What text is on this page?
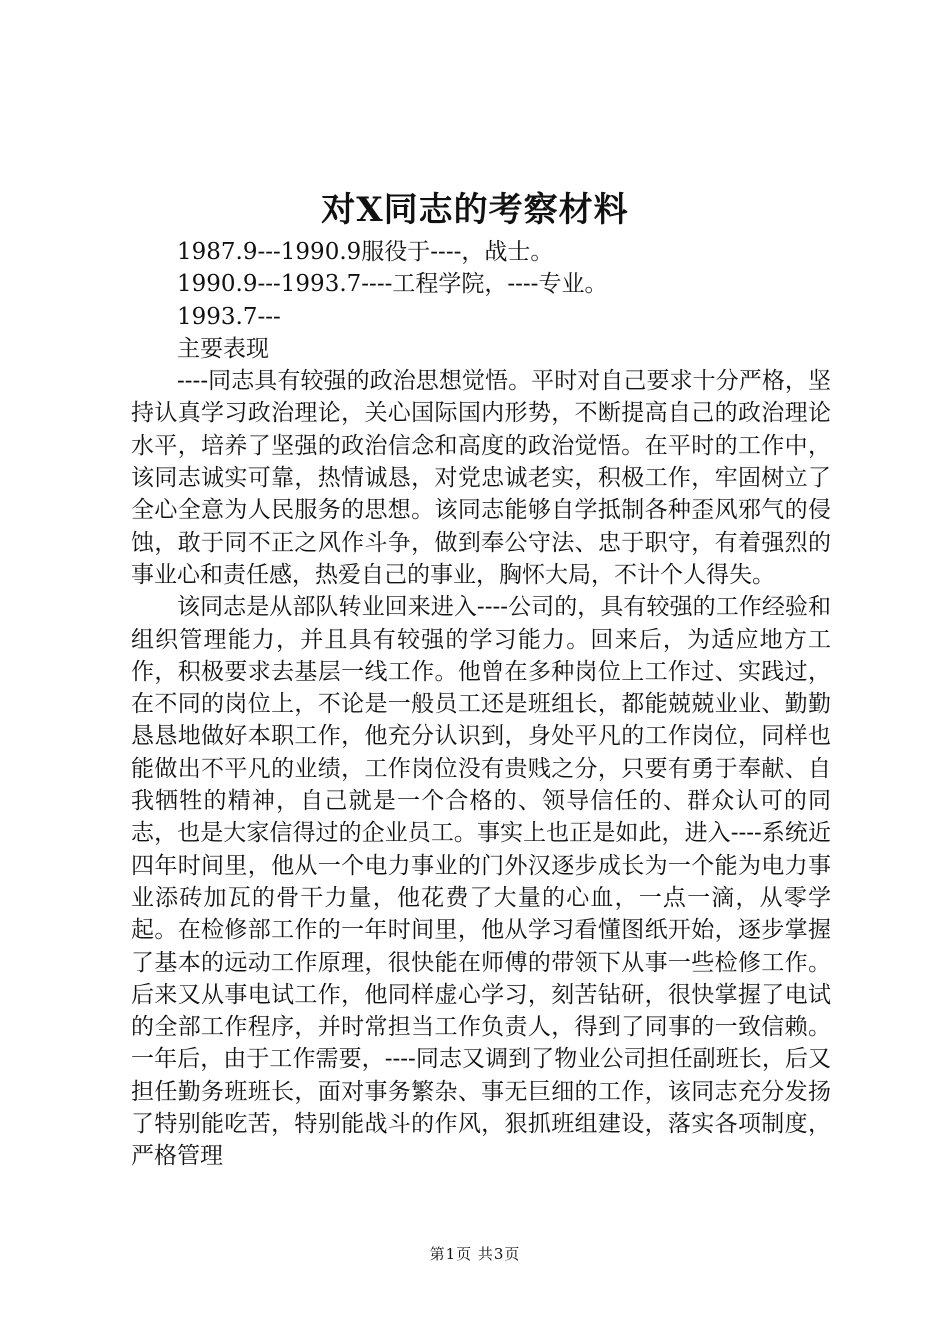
对X同志的考察材料

1987.9---1990.9服役于----，战士。

1990.9---1993.7----工程学院，----专业。

1993.7---

主要表现

----同志具有较强的政治思想觉悟。平时对自己要求十分严格，坚持认真学习政治理论，关心国际国内形势，不断提高自己的政治理论水平，培养了坚强的政治信念和高度的政治觉悟。在平时的工作中，该同志诚实可靠，热情诚恳，对党忠诚老实，积极工作，牢固树立了全心全意为人民服务的思想。该同志能够自学抵制各种歪风邪气的侵蚀，敢于同不正之风作斗争，做到奉公守法、忠于职守，有着强烈的事业心和责任感，热爱自己的事业，胸怀大局，不计个人得失。

该同志是从部队转业回来进入----公司的，具有较强的工作经验和组织管理能力，并且具有较强的学习能力。回来后，为适应地方工作，积极要求去基层一线工作。他曾在多种岗位上工作过、实践过，在不同的岗位上，不论是一般员工还是班组长，都能兢兢业业、勤勤恳恳地做好本职工作，他充分认识到，身处平凡的工作岗位，同样也能做出不平凡的业绩，工作岗位没有贵贱之分，只要有勇于奉献、自我牺牲的精神，自己就是一个合格的、领导信任的、群众认可的同志，也是大家信得过的企业员工。事实上也正是如此，进入----系统近四年时间里，他从一个电力事业的门外汉逐步成长为一个能为电力事业添砖加瓦的骨干力量，他花费了大量的心血，一点一滴，从零学起。在检修部工作的一年时间里，他从学习看懂图纸开始，逐步掌握了基本的远动工作原理，很快能在师傅的带领下从事一些检修工作。后来又从事电试工作，他同样虚心学习，刻苦钻研，很快掌握了电试的全部工作程序，并时常担当工作负责人，得到了同事的一致信赖。一年后，由于工作需要，----同志又调到了物业公司担任副班长，后又担任勤务班班长，面对事务繁杂、事无巨细的工作，该同志充分发扬了特别能吃苦，特别能战斗的作风，狠抓班组建设，落实各项制度，严格管理

第1页 共3页
